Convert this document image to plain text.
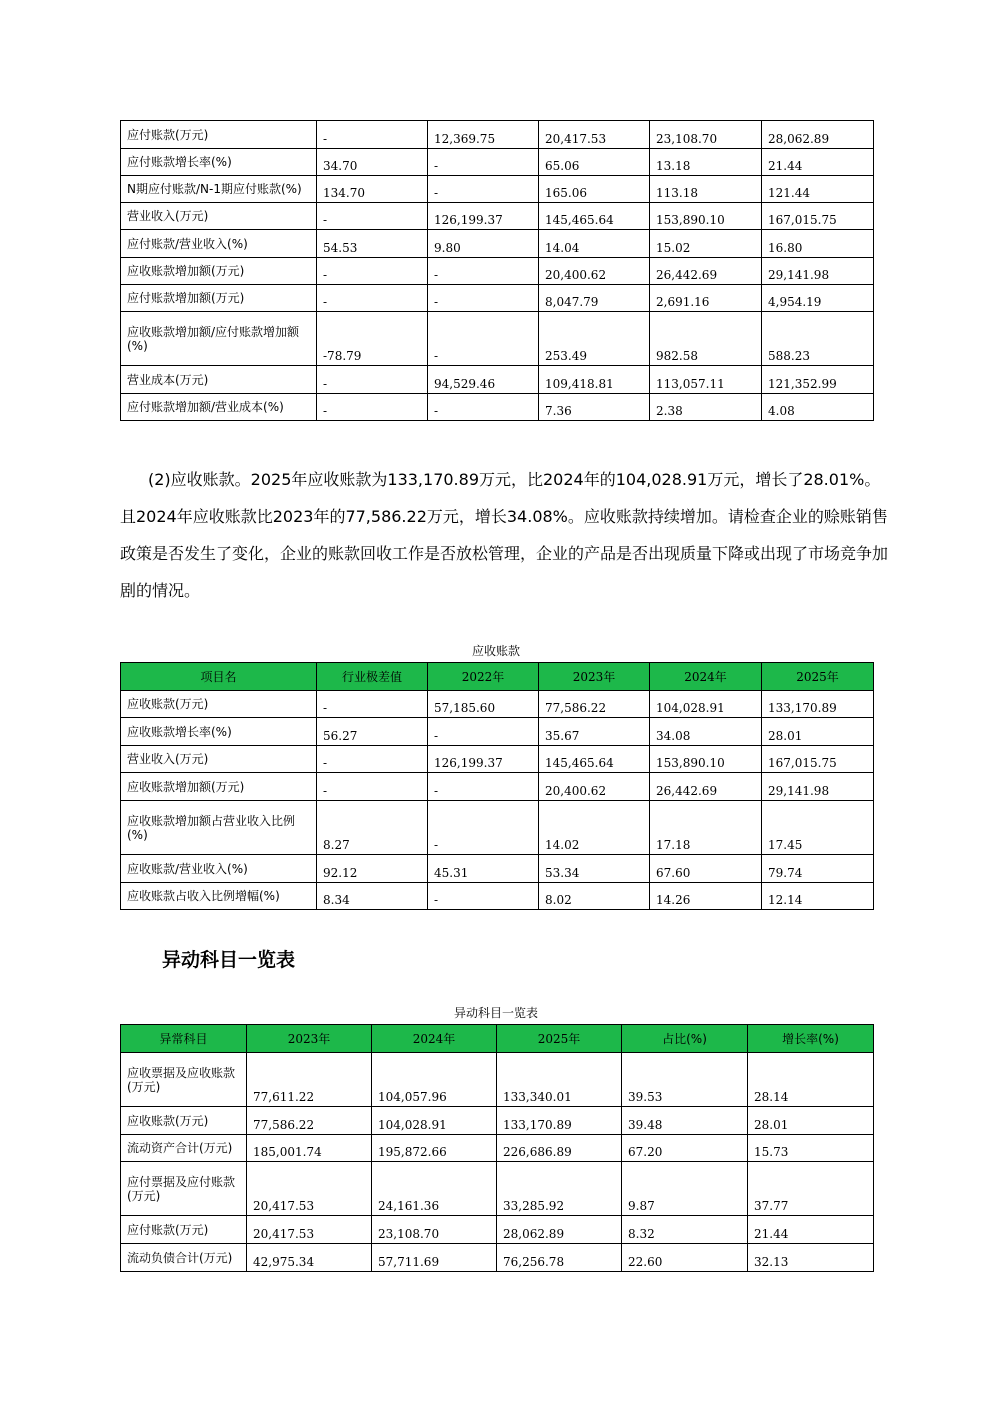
应付账款(万元)	-	12,369.75	20,417.53	23,108.70	28,062.89
应付账款增长率(%)	34.70	-	65.06	13.18	21.44
N期应付账款/N-1期应付账款(%)	134.70	-	165.06	113.18	121.44
营业收入(万元)	-	126,199.37	145,465.64	153,890.10	167,015.75
应付账款/营业收入(%)	54.53	9.80	14.04	15.02	16.80
应收账款增加额(万元)	-	-	20,400.62	26,442.69	29,141.98
应付账款增加额(万元)	-	-	8,047.79	2,691.16	4,954.19
应收账款增加额/应付账款增加额(%)	-78.79	-	253.49	982.58	588.23
营业成本(万元)	-	94,529.46	109,418.81	113,057.11	121,352.99
应付账款增加额/营业成本(%)	-	-	7.36	2.38	4.08

(2)应收账款。2025年应收账款为133,170.89万元，比2024年的104,028.91万元，增长了28.01%。且2024年应收账款比2023年的77,586.22万元，增长34.08%。应收账款持续增加。请检查企业的赊账销售政策是否发生了变化，企业的账款回收工作是否放松管理，企业的产品是否出现质量下降或出现了市场竞争加剧的情况。

应收账款
项目名	行业极差值	2022年	2023年	2024年	2025年
应收账款(万元)	-	57,185.60	77,586.22	104,028.91	133,170.89
应收账款增长率(%)	56.27	-	35.67	34.08	28.01
营业收入(万元)	-	126,199.37	145,465.64	153,890.10	167,015.75
应收账款增加额(万元)	-	-	20,400.62	26,442.69	29,141.98
应收账款增加额占营业收入比例(%)	8.27	-	14.02	17.18	17.45
应收账款/营业收入(%)	92.12	45.31	53.34	67.60	79.74
应收账款占收入比例增幅(%)	8.34	-	8.02	14.26	12.14
异动科目一览表
异动科目一览表
异常科目	2023年	2024年	2025年	占比(%)	增长率(%)
应收票据及应收账款(万元)	77,611.22	104,057.96	133,340.01	39.53	28.14
应收账款(万元)	77,586.22	104,028.91	133,170.89	39.48	28.01
流动资产合计(万元)	185,001.74	195,872.66	226,686.89	67.20	15.73
应付票据及应付账款(万元)	20,417.53	24,161.36	33,285.92	9.87	37.77
应付账款(万元)	20,417.53	23,108.70	28,062.89	8.32	21.44
流动负债合计(万元)	42,975.34	57,711.69	76,256.78	22.60	32.13
